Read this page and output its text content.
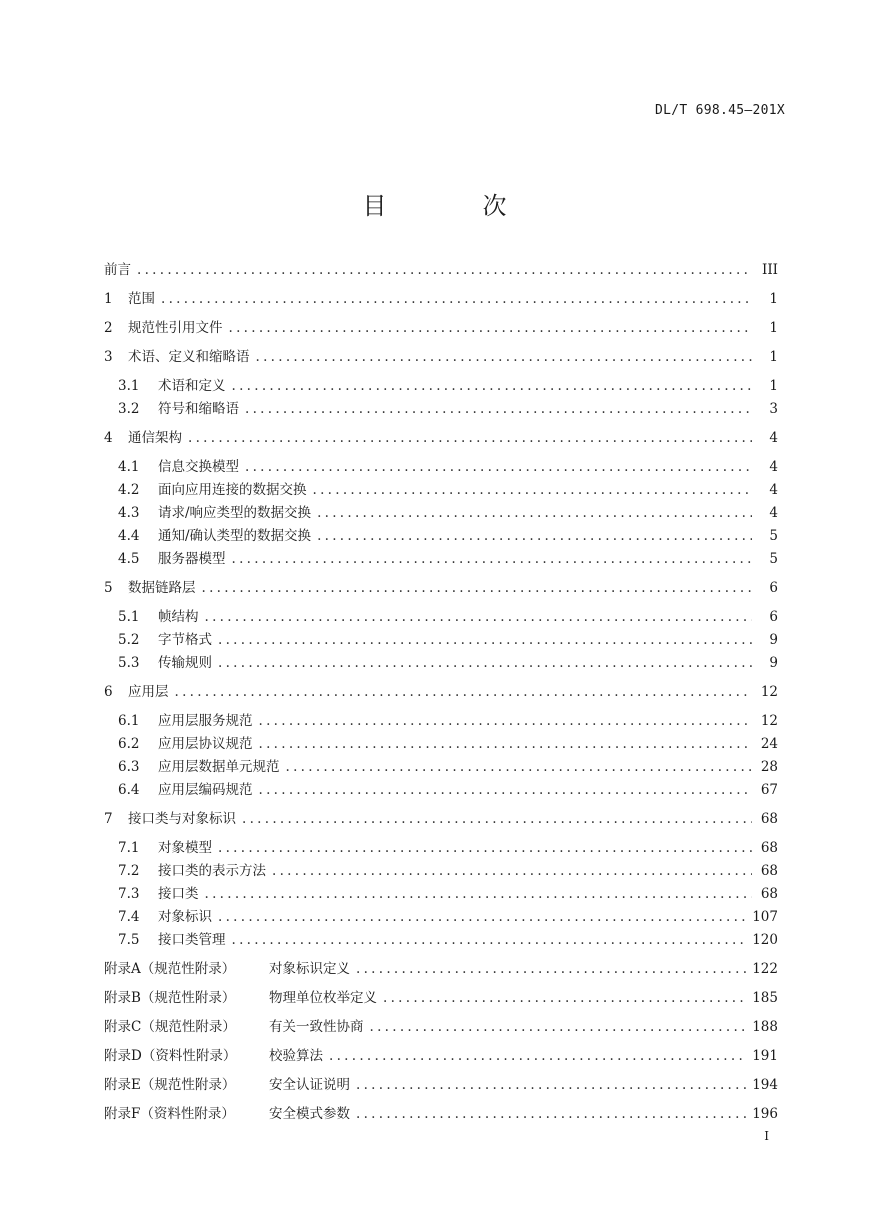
DL/T 698.45—201X
目　次
前言 . . .	III
1	范围 . . .	1
2	规范性引用文件 . . .	1
3	术语、定义和缩略语 . . .	1
3.1	术语和定义 . . .	1
3.2	符号和缩略语 . . .	3
4	通信架构 . . .	4
4.1	信息交换模型 . . .	4
4.2	面向应用连接的数据交换 . . .	4
4.3	请求/响应类型的数据交换 . . .	4
4.4	通知/确认类型的数据交换 . . .	5
4.5	服务器模型 . . .	5
5	数据链路层 . . .	6
5.1	帧结构 . . .	6
5.2	字节格式 . . .	9
5.3	传输规则 . . .	9
6	应用层 . . .	12
6.1	应用层服务规范 . . .	12
6.2	应用层协议规范 . . .	24
6.3	应用层数据单元规范 . . .	28
6.4	应用层编码规范 . . .	67
7	接口类与对象标识 . . .	68
7.1	对象模型 . . .	68
7.2	接口类的表示方法 . . .	68
7.3	接口类 . . .	68
7.4	对象标识 . . .	107
7.5	接口类管理 . . .	120
附录A（规范性附录）	对象标识定义 . . .	122
附录B（规范性附录）	物理单位枚举定义 . . .	185
附录C（规范性附录）	有关一致性协商 . . .	188
附录D（资料性附录）	校验算法 . . .	191
附录E（规范性附录）	安全认证说明 . . .	194
附录F（资料性附录）	安全模式参数 . . .	196
I
